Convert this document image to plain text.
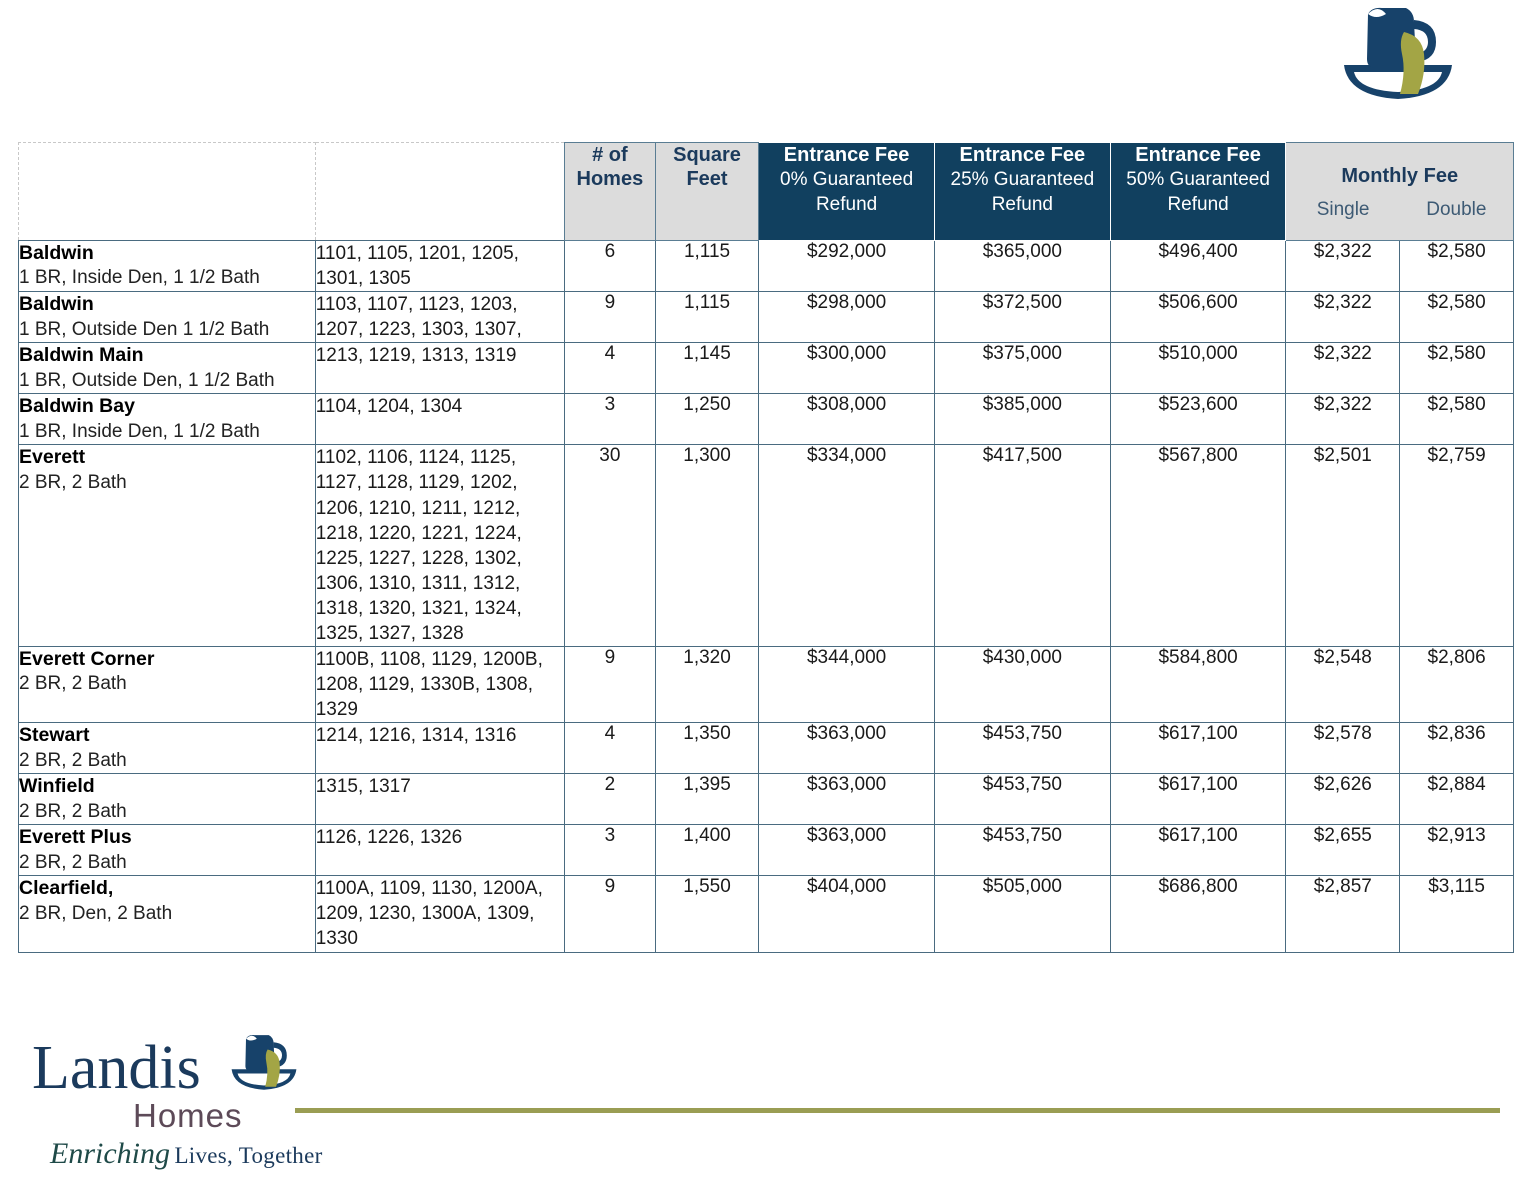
		# of
Homes	Square
Feet	Entrance Fee
0% Guaranteed
Refund	Entrance Fee
25% Guaranteed
Refund	Entrance Fee
50% Guaranteed
Refund	Monthly Fee
Single Double	

Baldwin
1 BR, Inside Den, 1 1/2 Bath	1101, 1105, 1201, 1205, 1301, 1305	6	1,115	$292,000	$365,000	$496,400	$2,322	$2,580

Baldwin
1 BR, Outside Den 1 1/2 Bath	1103, 1107, 1123, 1203, 1207, 1223, 1303, 1307,	9	1,115	$298,000	$372,500	$506,600	$2,322	$2,580

Baldwin Main
1 BR, Outside Den, 1 1/2 Bath	1213, 1219, 1313, 1319	4	1,145	$300,000	$375,000	$510,000	$2,322	$2,580

Baldwin Bay
1 BR, Inside Den, 1 1/2 Bath	1104, 1204, 1304	3	1,250	$308,000	$385,000	$523,600	$2,322	$2,580

Everett
2 BR, 2 Bath	1102, 1106, 1124, 1125, 1127, 1128, 1129, 1202, 1206, 1210, 1211, 1212, 1218, 1220, 1221, 1224, 1225, 1227, 1228, 1302, 1306, 1310, 1311, 1312, 1318, 1320, 1321, 1324, 1325, 1327, 1328	30	1,300	$334,000	$417,500	$567,800	$2,501	$2,759

Everett Corner
2 BR, 2 Bath	1100B, 1108, 1129, 1200B, 1208, 1129, 1330B, 1308, 1329	9	1,320	$344,000	$430,000	$584,800	$2,548	$2,806

Stewart
2 BR, 2 Bath	1214, 1216, 1314, 1316	4	1,350	$363,000	$453,750	$617,100	$2,578	$2,836

Winfield
2 BR, 2 Bath	1315, 1317	2	1,395	$363,000	$453,750	$617,100	$2,626	$2,884

Everett Plus
2 BR, 2 Bath	1126, 1226, 1326	3	1,400	$363,000	$453,750	$617,100	$2,655	$2,913

Clearfield,
2 BR, Den, 2 Bath	1100A, 1109, 1130, 1200A, 1209, 1230, 1300A, 1309, 1330	9	1,550	$404,000	$505,000	$686,800	$2,857	$3,115
Landis
Homes
Enriching Lives, Together
